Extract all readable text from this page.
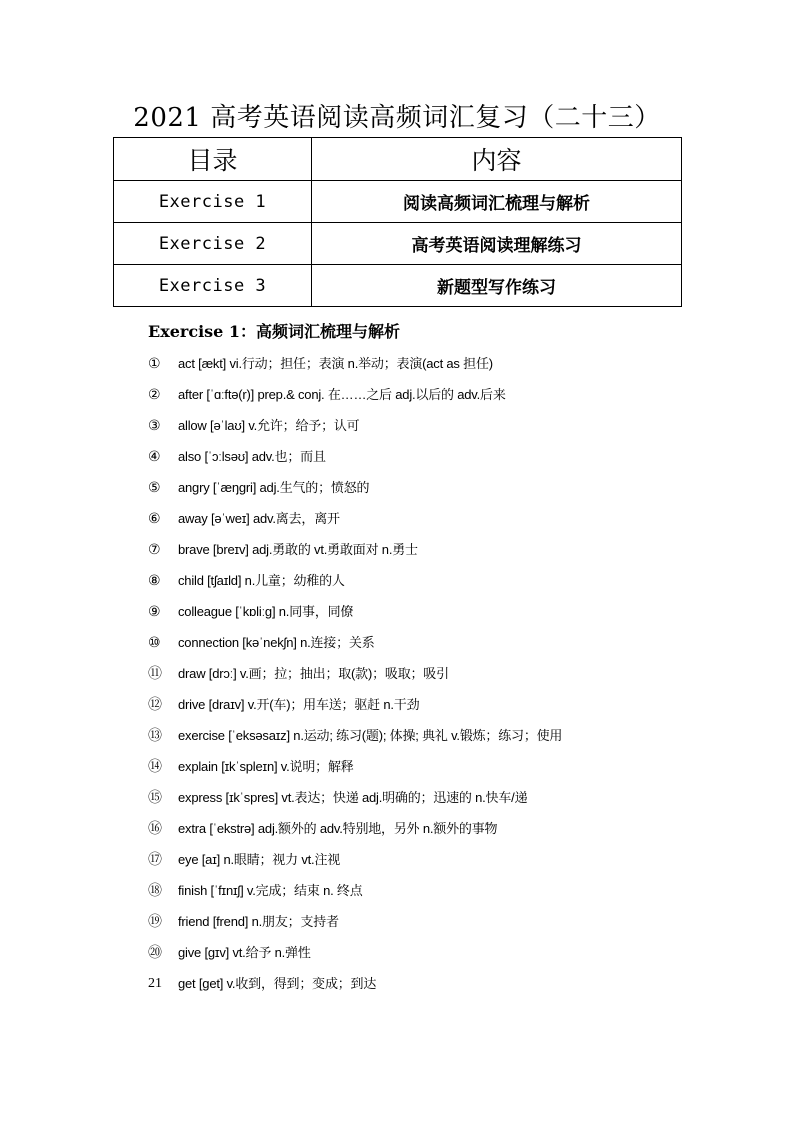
2021 高考英语阅读高频词汇复习（二十三）
目录	内容
Exercise 1	阅读高频词汇梳理与解析
Exercise 2	高考英语阅读理解练习
Exercise 3	新题型写作练习
Exercise 1：高频词汇梳理与解析
①	act [ækt] vi.行动；担任；表演 n.举动；表演(act as 担任)
②	after [ˈɑːftə(r)] prep.& conj. 在……之后 adj.以后的 adv.后来
③	allow [əˈlaʊ] v.允许；给予；认可
④	also [ˈɔːlsəʊ] adv.也；而且
⑤	angry [ˈæŋɡri] adj.生气的；愤怒的
⑥	away [əˈweɪ] adv.离去，离开
⑦	brave [breɪv] adj.勇敢的 vt.勇敢面对 n.勇士
⑧	child [tʃaɪld] n.儿童；幼稚的人
⑨	colleague [ˈkɒliːɡ] n.同事，同僚
⑩	connection [kəˈnekʃn] n.连接；关系
⑪	draw [drɔː] v.画；拉；抽出；取(款)；吸取；吸引
⑫	drive [draɪv] v.开(车)；用车送；驱赶 n.干劲
⑬	exercise [ˈeksəsaɪz] n.运动; 练习(题); 体操; 典礼 v.锻炼；练习；使用
⑭	explain [ɪkˈspleɪn] v.说明；解释
⑮	express [ɪkˈspres] vt.表达；快递 adj.明确的；迅速的 n.快车/递
⑯	extra [ˈekstrə] adj.额外的 adv.特别地，另外 n.额外的事物
⑰	eye [aɪ] n.眼睛；视力 vt.注视
⑱	finish [ˈfɪnɪʃ] v.完成；结束 n. 终点
⑲	friend [frend] n.朋友；支持者
⑳	give [ɡɪv] vt.给予 n.弹性
21	get [ɡet] v.收到，得到；变成；到达
